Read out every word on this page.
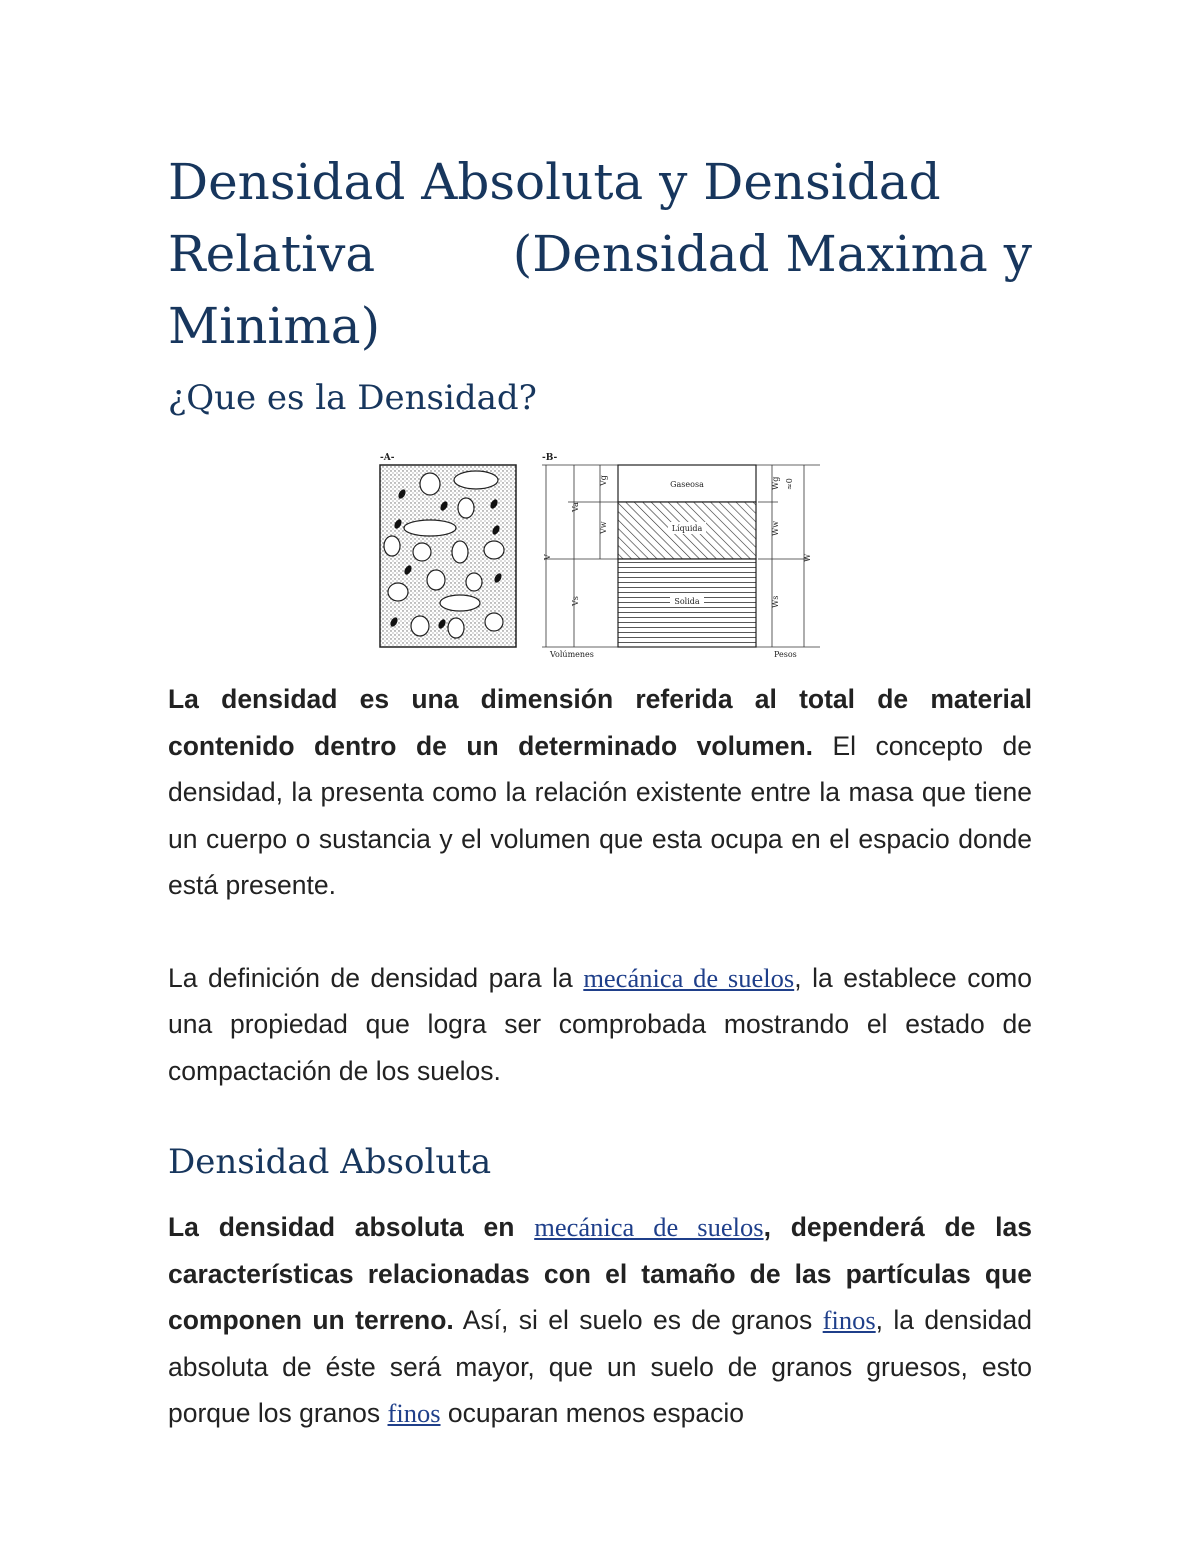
Densidad Absoluta y Densidad
Relativa	(Densidad Maxima y
Minima)
¿Que es la Densidad?
-A-	-B-
Gaseosa
Líquida
Solida
Vg
Va
Vw
V
Vs
Wg ≈0
Ww
W
Ws
Volúmenes	Pesos

La densidad es una dimensión referida al total de material contenido dentro de un determinado volumen. El concepto de densidad, la presenta como la relación existente entre la masa que tiene un cuerpo o sustancia y el volumen que esta ocupa en el espacio donde está presente.

La definición de densidad para la mecánica de suelos, la establece como una propiedad que logra ser comprobada mostrando el estado de compactación de los suelos.

Densidad Absoluta

La densidad absoluta en mecánica de suelos, dependerá de las características relacionadas con el tamaño de las partículas que componen un terreno. Así, si el suelo es de granos finos, la densidad absoluta de éste será mayor, que un suelo de granos gruesos, esto porque los granos finos ocuparan menos espacio
